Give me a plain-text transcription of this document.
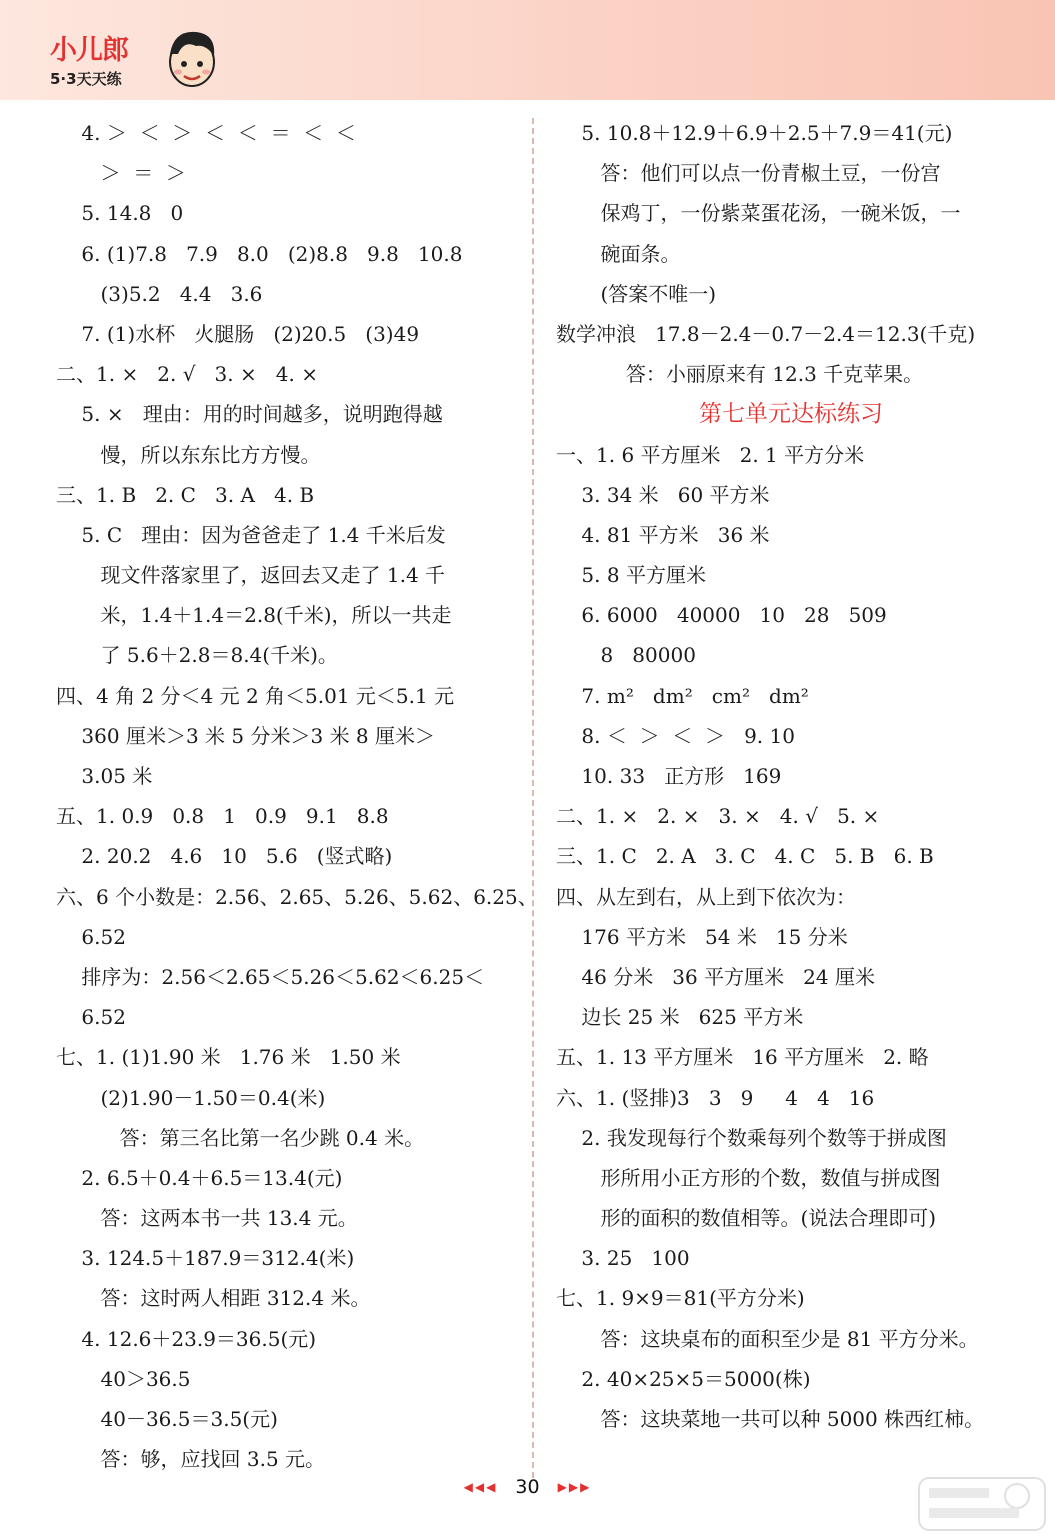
小儿郎
5·3天天练
4. ＞  ＜  ＞  ＜  ＜  ＝  ＜  ＜
＞  ＝  ＞
5. 14.8   0
6. (1)7.8   7.9   8.0   (2)8.8   9.8   10.8
(3)5.2   4.4   3.6
7. (1)水杯   火腿肠   (2)20.5   (3)49
二、1. ×   2. √   3. ×   4. ×
5. ×   理由：用的时间越多，说明跑得越
慢，所以东东比方方慢。
三、1. B   2. C   3. A   4. B
5. C   理由：因为爸爸走了 1.4 千米后发
现文件落家里了，返回去又走了 1.4 千
米，1.4＋1.4＝2.8(千米)，所以一共走
了 5.6＋2.8＝8.4(千米)。
四、4 角 2 分＜4 元 2 角＜5.01 元＜5.1 元
360 厘米＞3 米 5 分米＞3 米 8 厘米＞
3.05 米
五、1. 0.9   0.8   1   0.9   9.1   8.8
2. 20.2   4.6   10   5.6   (竖式略)
六、6 个小数是：2.56、2.65、5.26、5.62、6.25、
6.52
排序为：2.56＜2.65＜5.26＜5.62＜6.25＜
6.52
七、1. (1)1.90 米   1.76 米   1.50 米
(2)1.90－1.50＝0.4(米)
答：第三名比第一名少跳 0.4 米。
2. 6.5＋0.4＋6.5＝13.4(元)
答：这两本书一共 13.4 元。
3. 124.5＋187.9＝312.4(米)
答：这时两人相距 312.4 米。
4. 12.6＋23.9＝36.5(元)
40＞36.5
40－36.5＝3.5(元)
答：够，应找回 3.5 元。
5. 10.8＋12.9＋6.9＋2.5＋7.9＝41(元)
答：他们可以点一份青椒土豆，一份宫
保鸡丁，一份紫菜蛋花汤，一碗米饭，一
碗面条。
(答案不唯一)
数学冲浪   17.8－2.4－0.7－2.4＝12.3(千克)
答：小丽原来有 12.3 千克苹果。
第七单元达标练习
一、1. 6 平方厘米   2. 1 平方分米
3. 34 米   60 平方米
4. 81 平方米   36 米
5. 8 平方厘米
6. 6000   40000   10   28   509
8   80000
7. m²   dm²   cm²   dm²
8. ＜  ＞  ＜  ＞   9. 10
10. 33   正方形   169
二、1. ×   2. ×   3. ×   4. √   5. ×
三、1. C   2. A   3. C   4. C   5. B   6. B
四、从左到右，从上到下依次为：
176 平方米   54 米   15 分米
46 分米   36 平方厘米   24 厘米
边长 25 米   625 平方米
五、1. 13 平方厘米   16 平方厘米   2. 略
六、1. (竖排)3   3   9     4   4   16
2. 我发现每行个数乘每列个数等于拼成图
形所用小正方形的个数，数值与拼成图
形的面积的数值相等。(说法合理即可)
3. 25   100
七、1. 9×9＝81(平方分米)
答：这块桌布的面积至少是 81 平方分米。
2. 40×25×5＝5000(株)
答：这块菜地一共可以种 5000 株西红柿。
◀◀◀ 30 ▶▶▶
